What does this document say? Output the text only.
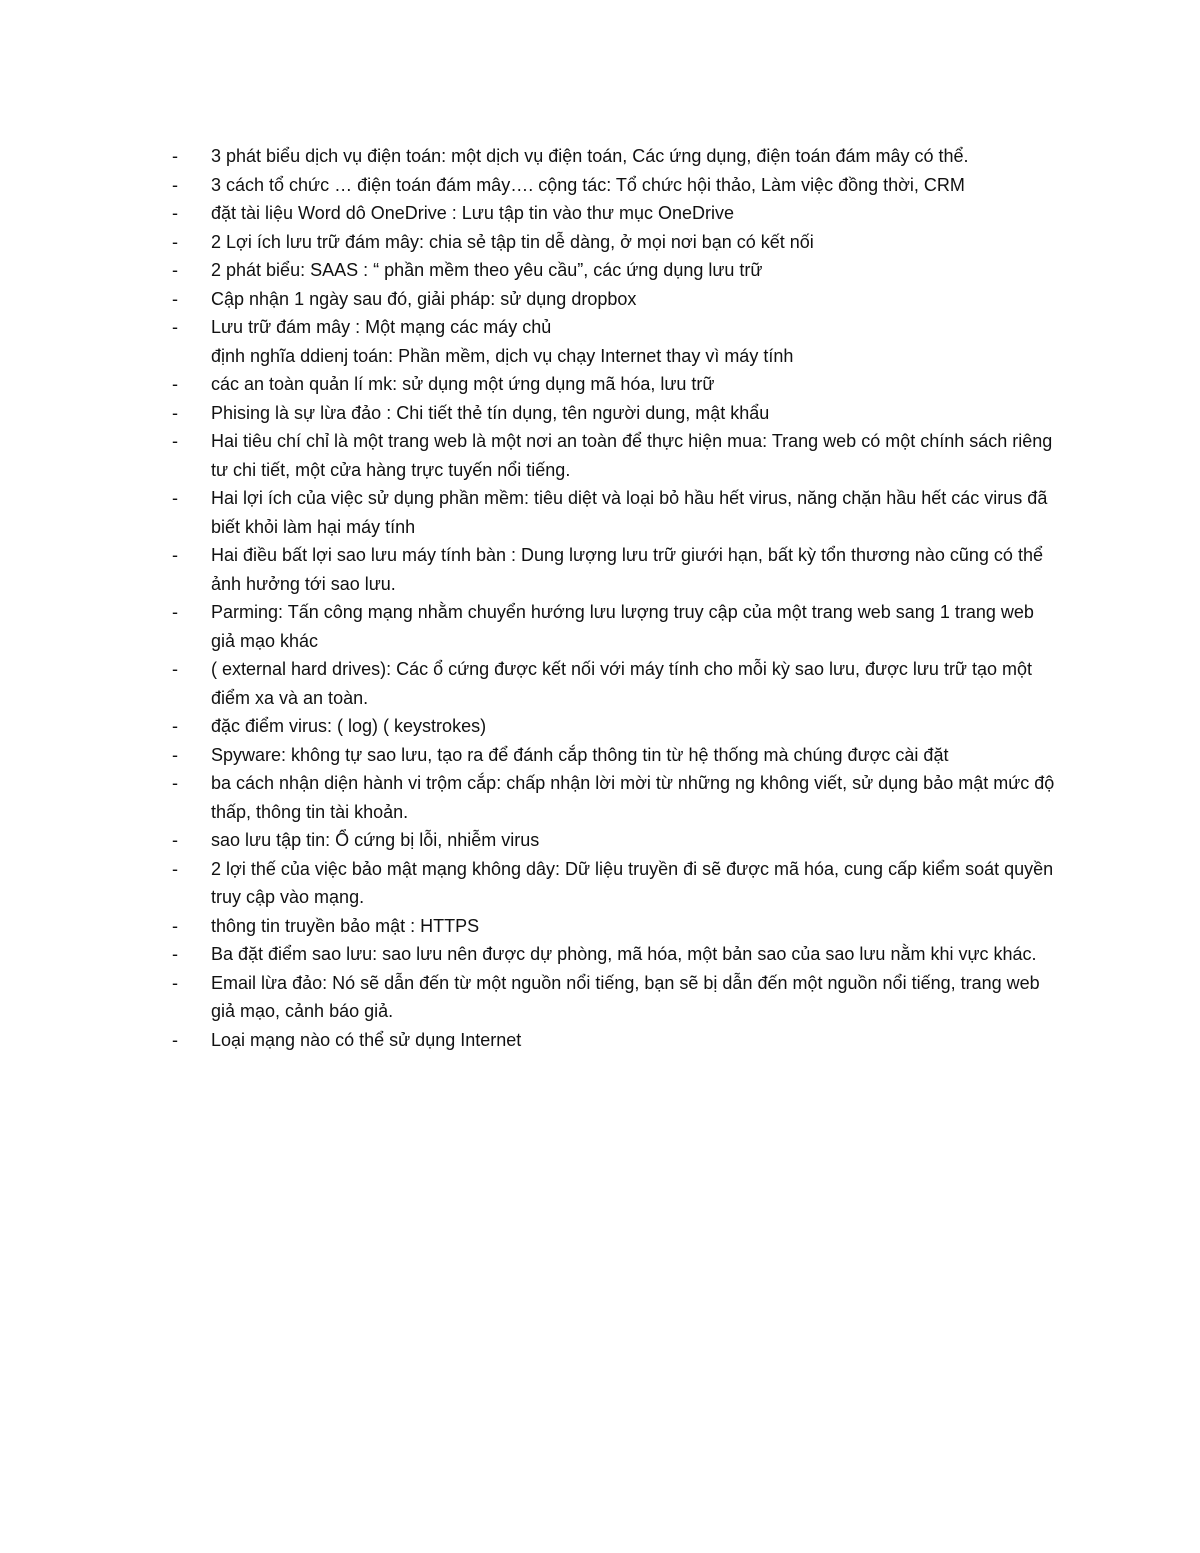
-	3 phát biểu dịch vụ điện toán: một dịch vụ điện toán, Các ứng dụng, điện toán đám mây có thể.
-	3 cách tổ chức … điện toán đám mây…. cộng tác: Tổ chức hội thảo, Làm việc đồng thời, CRM
-	đặt tài liệu Word dô OneDrive : Lưu tập tin vào thư mục OneDrive
-	2 Lợi ích lưu trữ đám mây: chia sẻ tập tin dễ dàng, ở mọi nơi bạn có kết nối
-	2 phát biểu: SAAS : “ phần mềm theo yêu cầu”, các ứng dụng lưu trữ
-	Cập nhận 1 ngày sau đó, giải pháp: sử dụng dropbox
-	Lưu trữ đám mây : Một mạng các máy chủ
định nghĩa ddienj toán: Phần mềm, dịch vụ chạy Internet thay vì máy tính
-	các an toàn quản lí mk: sử dụng một ứng dụng mã hóa, lưu trữ
-	Phising là sự lừa đảo : Chi tiết thẻ tín dụng, tên người dung, mật khẩu
-	Hai tiêu chí chỉ là một trang web là một nơi an toàn để thực hiện mua: Trang web có một chính sách riêng tư chi tiết, một cửa hàng trực tuyến nổi tiếng.
-	Hai lợi ích của việc sử dụng phần mềm: tiêu diệt và loại bỏ hầu hết virus, năng chặn hầu hết các virus đã biết khỏi làm hại máy tính
-	Hai điều bất lợi sao lưu máy tính bàn : Dung lượng lưu trữ giưới hạn, bất kỳ tổn thương nào cũng có thể ảnh hưởng tới sao lưu.
-	Parming: Tấn công mạng nhằm chuyển hướng lưu lượng truy cập của một trang web sang 1 trang web giả mạo khác
-	( external hard drives): Các ổ cứng được kết nối với máy tính cho mỗi kỳ sao lưu, được lưu trữ tạo một điểm xa và an toàn.
-	đặc điểm virus: ( log) ( keystrokes)
-	Spyware: không tự sao lưu, tạo ra để đánh cắp thông tin từ hệ thống mà chúng được cài đặt
-	ba cách nhận diện hành vi trộm cắp: chấp nhận lời mời từ những ng không viết, sử dụng bảo mật mức độ thấp, thông tin tài khoản.
-	sao lưu tập tin: Ổ cứng bị lỗi, nhiễm virus
-	2 lợi thế của việc bảo mật mạng không dây: Dữ liệu truyền đi sẽ được mã hóa, cung cấp kiểm soát quyền truy cập vào mạng.
-	thông tin truyền bảo mật : HTTPS
-	Ba đặt điểm sao lưu: sao lưu nên được dự phòng, mã hóa, một bản sao của sao lưu nằm khi vực khác.
-	Email lừa đảo: Nó sẽ dẫn đến từ một nguồn nổi tiếng, bạn sẽ bị dẫn đến một nguồn nổi tiếng, trang web giả mạo, cảnh báo giả.
-	Loại mạng nào có thể sử dụng Internet
